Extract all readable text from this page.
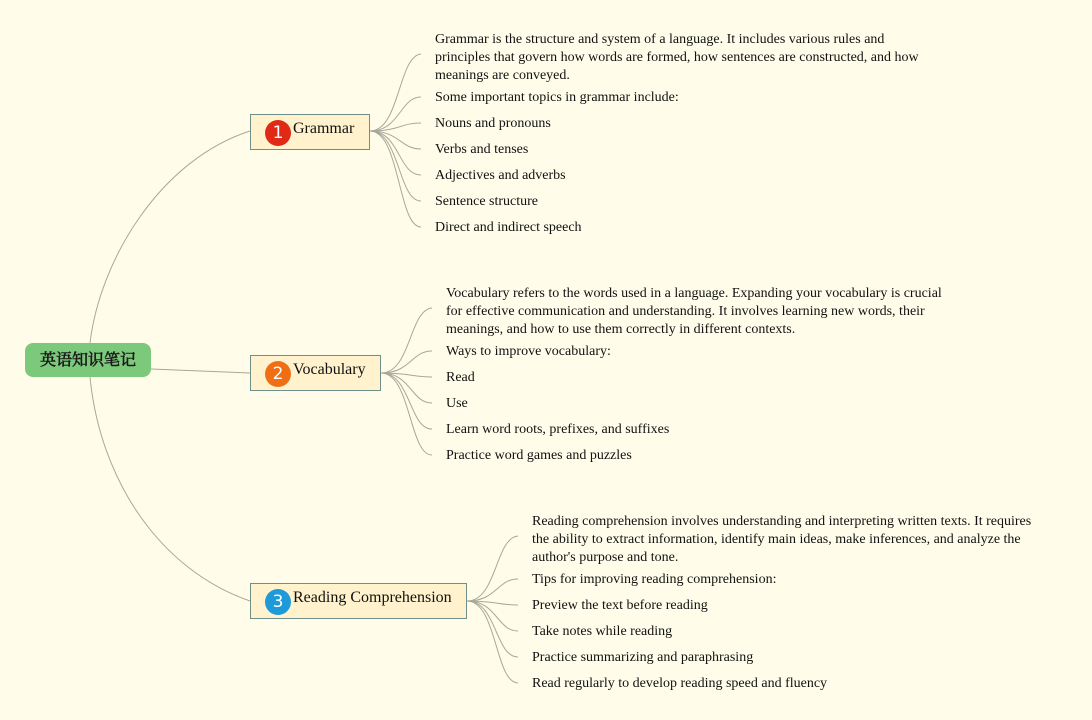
英语知识笔记
1 Grammar
Grammar is the structure and system of a language. It includes various rules and principles that govern how words are formed, how sentences are constructed, and how meanings are conveyed.
Some important topics in grammar include:
Nouns and pronouns
Verbs and tenses
Adjectives and adverbs
Sentence structure
Direct and indirect speech
2 Vocabulary
Vocabulary refers to the words used in a language. Expanding your vocabulary is crucial for effective communication and understanding. It involves learning new words, their meanings, and how to use them correctly in different contexts.
Ways to improve vocabulary:
Read
Use
Learn word roots, prefixes, and suffixes
Practice word games and puzzles
3 Reading Comprehension
Reading comprehension involves understanding and interpreting written texts. It requires the ability to extract information, identify main ideas, make inferences, and analyze the author's purpose and tone.
Tips for improving reading comprehension:
Preview the text before reading
Take notes while reading
Practice summarizing and paraphrasing
Read regularly to develop reading speed and fluency
